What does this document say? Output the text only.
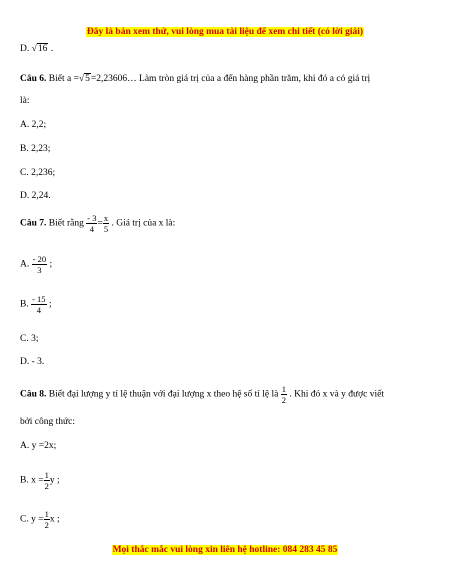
Đây là bản xem thử, vui lòng mua tài liệu để xem chi tiết (có lời giải)
D. √16 .
Câu 6. Biết a =√5=2,23606… Làm tròn giá trị của a đến hàng phần trăm, khi đó a có giá trị
là:
A. 2,2;
B. 2,23;
C. 2,236;
D. 2,24.
Câu 7. Biết rằng $\frac{- 3}{4} = \frac{x}{5}$ . Giá trị của x là:
A. $\frac{- 20}{3}$ ;
B. $\frac{- 15}{4}$ ;
C. 3;
D. - 3.
Câu 8. Biết đại lượng y tỉ lệ thuận với đại lượng x theo hệ số tỉ lệ là $\frac{1}{2}$ . Khi đó x và y được viết
bởi công thức:
A. y =2x;
B. $x = \frac{1}{2}$ y ;
C. $y = \frac{1}{2}$ x ;
Mọi thắc mắc vui lòng xin liên hệ hotline: 084 283 45 85
